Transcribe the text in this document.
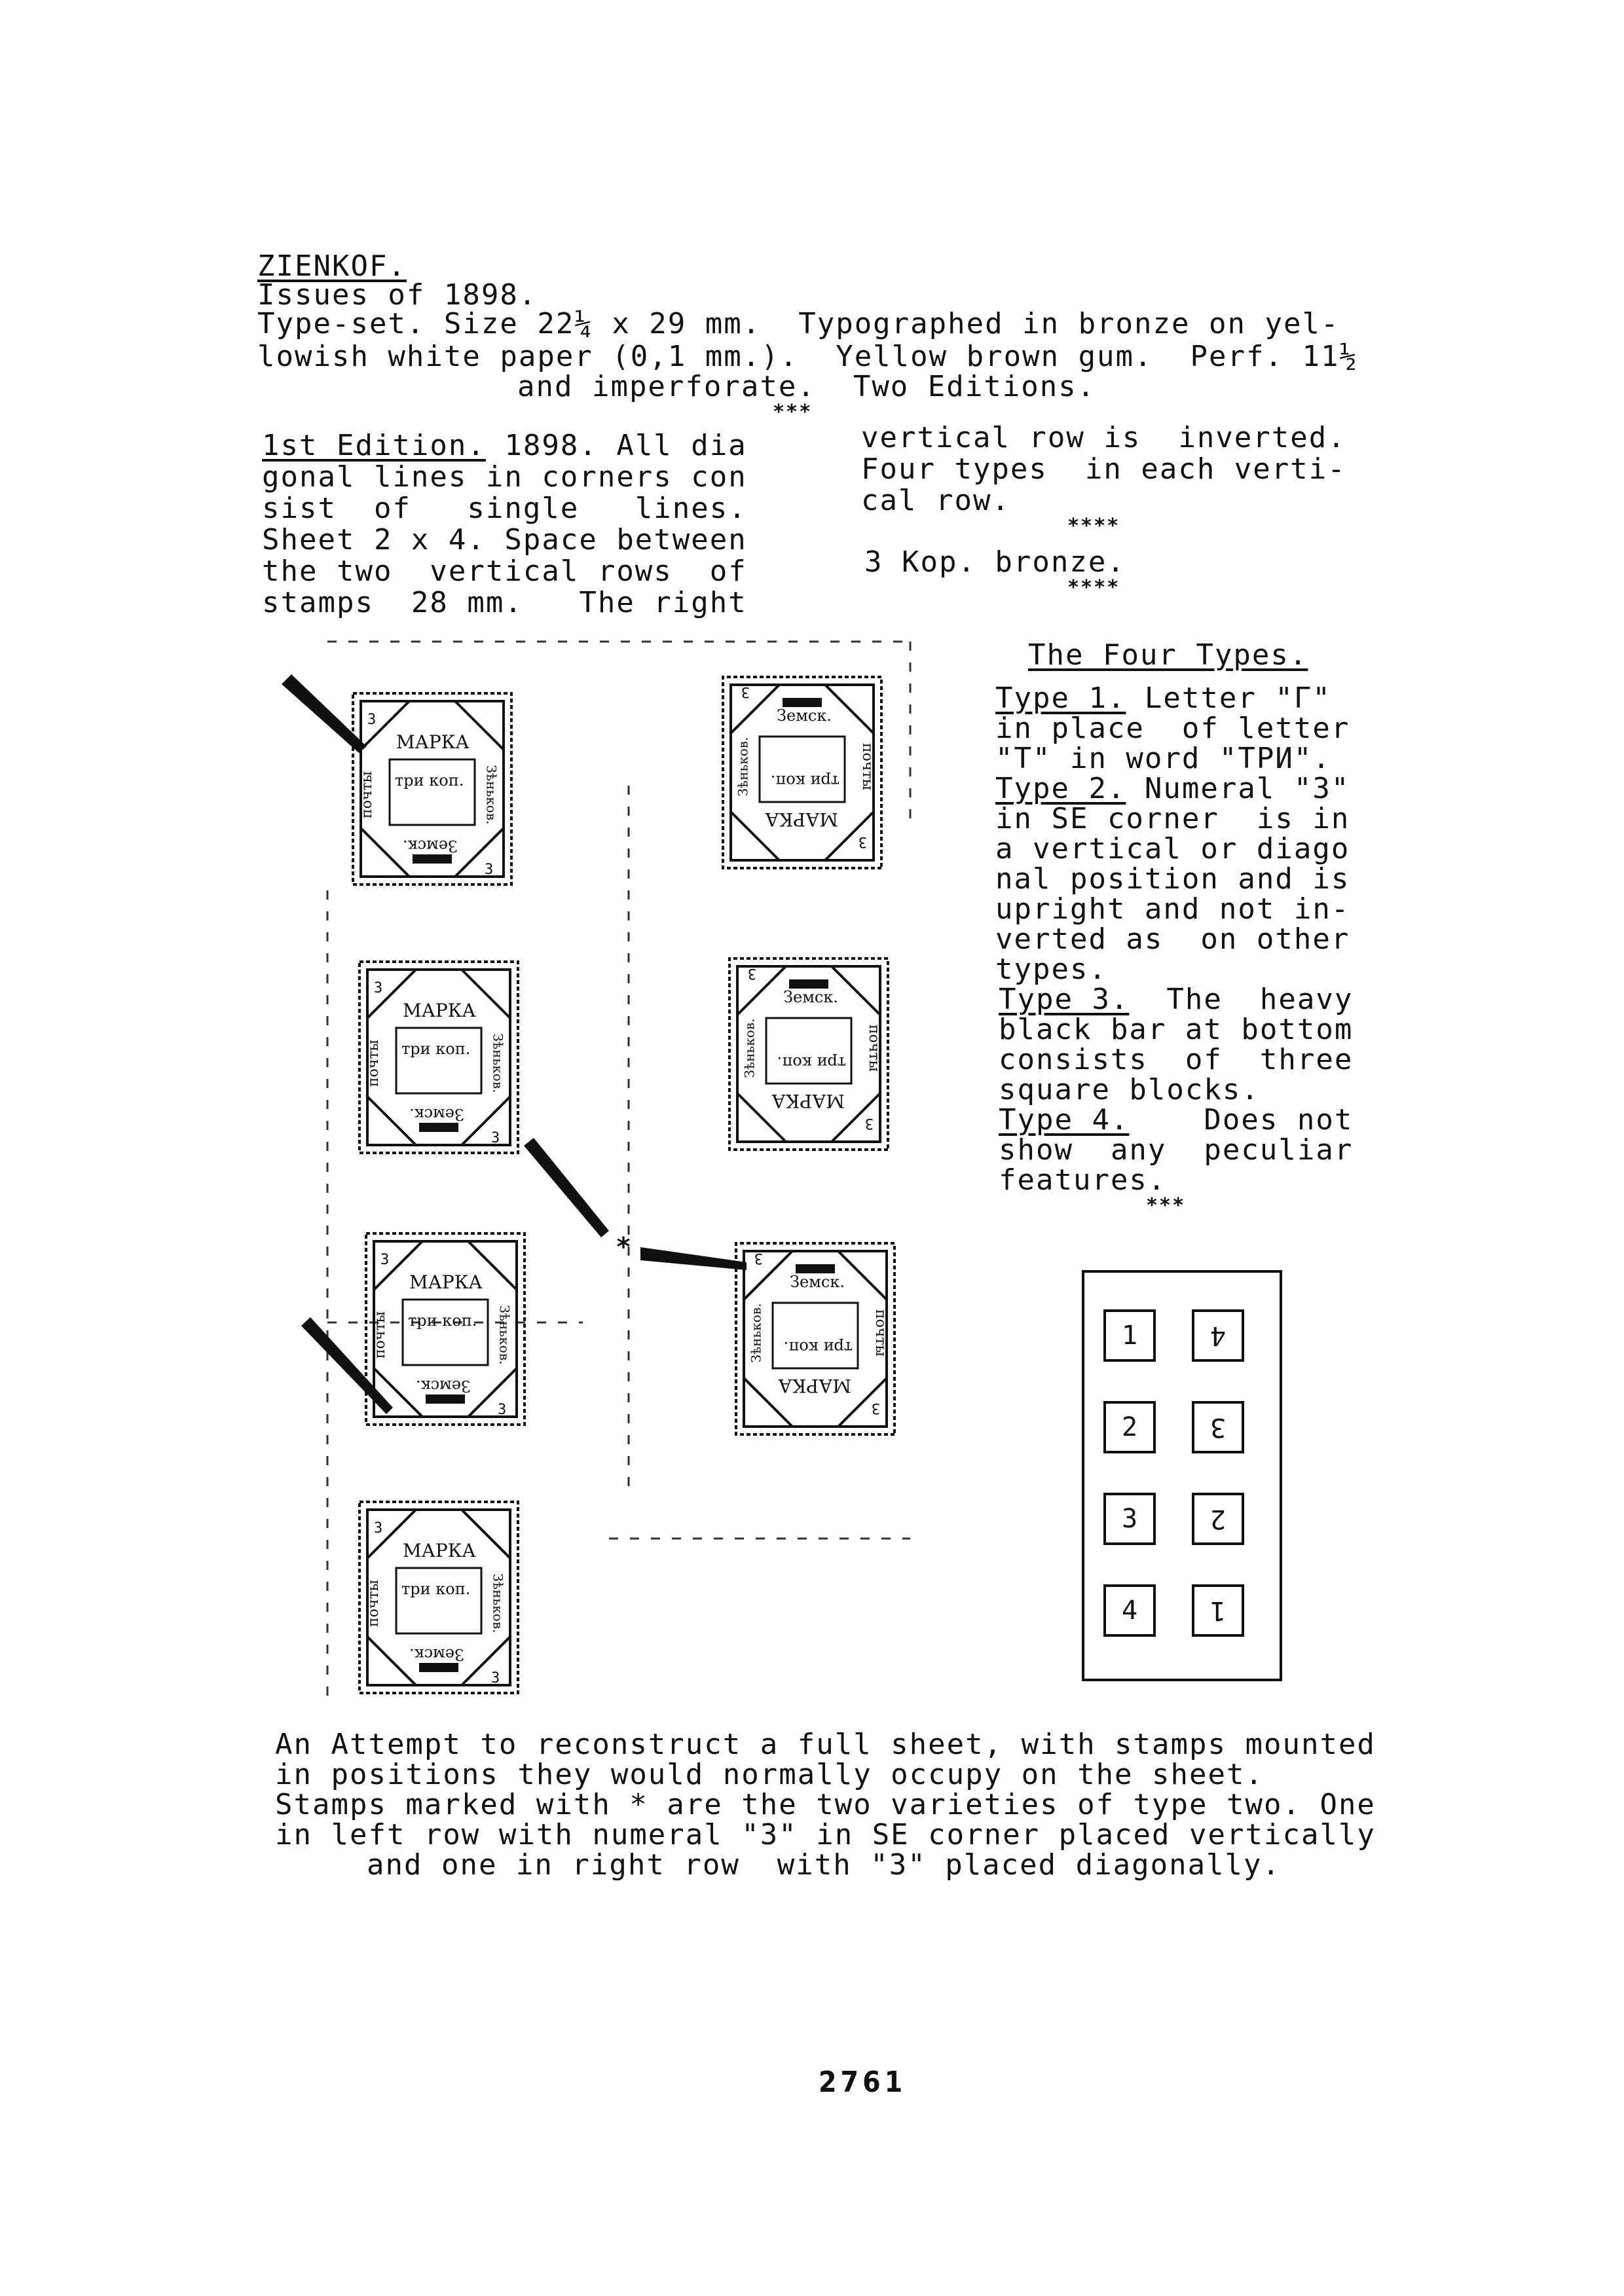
ZIENKOF.
Issues of 1898.
Type-set. Size 22¼ x 29 mm.  Typographed in bronze on yel-
lowish white paper (0,1 mm.).  Yellow brown gum.  Perf. 11½
and imperforate.  Two Editions.
***
1st Edition. 1898. All dia
gonal lines in corners con
sist  of   single   lines.
Sheet 2 x 4. Space between
the two  vertical rows  of
stamps  28 mm.   The right
vertical row is  inverted.
Four types  in each verti-
cal row.
****
3 Kop. bronze.
****
The Four Types.
Type 1. Letter "Г"
in place  of letter
"T" in word "ТРИ".
Type 2. Numeral "3"
in SE corner  is in
a vertical or diago
nal position and is
upright and not in-
verted as  on other
types.
Type 3.  The  heavy
black bar at bottom
consists  of  three
square blocks.
Type 4.    Does not
show  any  peculiar
features.
***
МАРКА
три коп.
Земск.
почты	Зѣньков.
3
3
МАРКА
три коп.
Земск.
почты	Зѣньков.
3
3
МАРКА
три коп.
Земск.
почты	Зѣньков.
3
3
МАРКА
три коп.
Земск.
почты	Зѣньков.
3
3
МАРКА
три коп.
Земск.
почты
Зѣньков.
3
3
МАРКА
три коп.
Земск.
почты
Зѣньков.
3
3
МАРКА
три коп.
Земск.
почты
Зѣньков.
3
3
*
1
2
3
4
4
3
2
1
An Attempt to reconstruct a full sheet, with stamps mounted
in positions they would normally occupy on the sheet.
Stamps marked with * are the two varieties of type two. One
in left row with numeral "3" in SE corner placed vertically
and one in right row  with "3" placed diagonally.
2761
